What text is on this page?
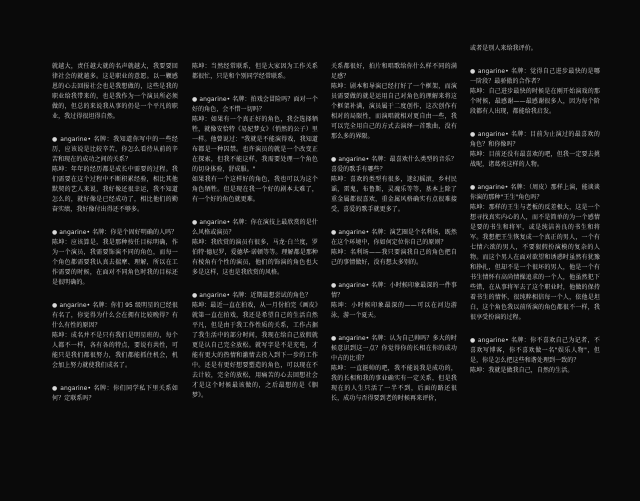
就越大，责任越大就的名声就越大，我要要回律社会的就越多。这是职业的意愿。以一颗感恩的心去回报社会也是我想做的，这些是我的职业给我带来的，也是我作为一个演员所必须做的，但总的来说我从事的仍是一个平凡的职业，我过得很坦得自然。

● angarine• 名牌：我知道你写中的一些经历，应该说是比较辛苦，你怎么看待从前的辛苦和现在的成功之间的关系？
陈坤：年年的经历都是成长中需要的过程。我们需要在这个过程中不断积累经验，相比其他默契的艺人来说，我好像还很幸运，我不知道怎么的，就好像是已经成功了，相比他们的勤奋实绩，我好像付出得还不够多。

● angarine• 名牌：你是个固好明确的人吗？
陈坤：应该算是，我是那种按任目标明确，作为一个演员，我需要饰演不同的角色，而每一个角色都需要我认真去揣摩、理解，所以在工作需要的时候，在面对不同角色时我的目标还是很明确的。

● angarine• 名牌：你们 95 级明星的已经很有名了，你觉得为什么会在拥有比较晚得？有什么有性的原因？
陈坤：成名并不是只有我们是明星班的，每个人都不一样，各有各的特点，要说有共性，可能只是我们都很努力，我们都能抓住机会，机会加上努力就使我们成名了。

● angarine• 名牌：你们同学私下里关系如何？定联系吗？

陈坤：当然经常联系，但是大家因为工作关系都很忙，只是和个别同学经常联系。

● angarine• 名牌：拍戏会冒险吗？面对一个好的角色，会不惜一切吗？
陈坤：如果有一个真正好的角色，我会选择牺牲，就像安恰特《易妃梦女》（悄然的公子）里一样。他曾说过："我就是不能演得戏，我知道布都是一种囚禁。也许演员的就是一个改变正在探索，但我不能这样，我需要处理一个角色的切身体验，舒成服。"
如果我有一个这样好的角色，我也可以为这个角色牺牲。但是现在我一个好的剧本太难了，有一个好的角色就更难。

● angarine• 名牌：你在演技上最欣赏的是什么风格或演员？
陈坤：我欣赏的演员有很多，马龙·白兰度，罗伯特·德尼罗，爱德华·诺顿等等。理解都是那种有棱角有个性的演员，他们的饰演的角色也大多是这样，这也是我欣赏的风格。

● angarine• 名牌：近期最想尝试的角色？
陈坤：最近一直在拍戏，从一月份拍完《画皮》就第一直在拍戏，我还是希望自己的生活自然平凡，但是由于我工作性质的关系，工作占据了我生活中的部分时间，我现在给自己放假就更是认自己完全放松。就写字是不是充电，才能有更大的热情和激情去投入到下一步的工作中。还是有更好想要塑造的角色，可以现在不去计较，完全的放松，用痛苦的心去回想社会才是这个时候最该做的，之后最想的是《胭梦》。

关系都很好，拍片和唱歌给你什么样不同的满足感？
陈坤：剧本和导演已经打好了一个框架，而演员需要做的就是运用自己对角色的理解来将这个框架补满，演员属于二度创作，这次创作有相对的局限性，而演唱就相对更自由一些，我可以完全用自己的方式去演绎一首歌曲，没有那么多的界限。

● angarine• 名牌：最喜欢什么类型的音乐？喜爱的歌手有哪些？
陈坤：喜欢的类型有很多，迷幻摇滚，乡村民谣，雷鬼，布鲁斯，灵魂乐等等，基本上除了重金属都很喜欢，重金属风格确实有点很难接受，喜爱的歌手就更多了。

● angarine• 名牌：演艺圈是个名利场，既然在这个环境中，你如何定位你自己的原则？
陈坤：名利场——我只要演我自己的角色把自己的事情做好，没有想太多别的。

● angarine• 名牌：小时候印象最深的一件事情？
陈坤：小时候印象最深的——可以在河边游泳，游一个夏天。

● angarine• 名牌：认为自己帅吗？多大的时候意识到这一点？你觉得你的长相在你的成功中占的比重？
陈坤：一直挺帅的吧，我不能说我是成功的，我的长相和我的事业确实有一定关系，但是我现在的人生只活了一半不到，后面的路还很长，成功与否得要到老的时候再来评价，

或者是别人来给我评价。

● angarine• 名牌：觉得自己进步最快的是哪一阶段？最骄傲的合作者？
陈坤：自己进步最快的时候是在刚开始演戏的那个时候，最感谢——最感谢很多人，因为每个阶段都有人出现，都能给我启发。

● angarine• 名牌：目前为止演过的最喜欢的角色？和你像吗？
陈坤：目前还没有最喜欢的吧，但我一定要去挑战呢，诸葛亮这样的人物。

● angarine• 名牌：（周皮）那样上演，能谈谈你演的那种"王生"角色吗？
陈坤：那样的王生与老板的反差极大，这是一个想寻找真实内心的人，而不是简单的为一个感情是要的书生和将军，或是纯洁善良的书生和将军。我想把王生恢复成一个真正的男人，一个有七情六欲的男人，不要狠假扮演模的复杂的人物。而这个男人在面对欲望和诱惑时虽然有犹豫和挣扎，但却不是一个很坏的男人，他是一个有书生情怀有高尚情操追求的一个人，他虽然犯下些错，在从事将军去了这个职业时，他做的保持着书生的情怀，很纯粹相信每一个人，依他是坦白，这个角色我以前所演的角色都很不一样，我很享受扮演的过程。

● angarine• 名牌：你不喜欢自己为记者，不喜欢写博客，你不喜欢做一名"娱乐人物"，但是，你是怎么把这些和谐处理到一致的？
陈坤：我就是做我自己，自然的生活。
